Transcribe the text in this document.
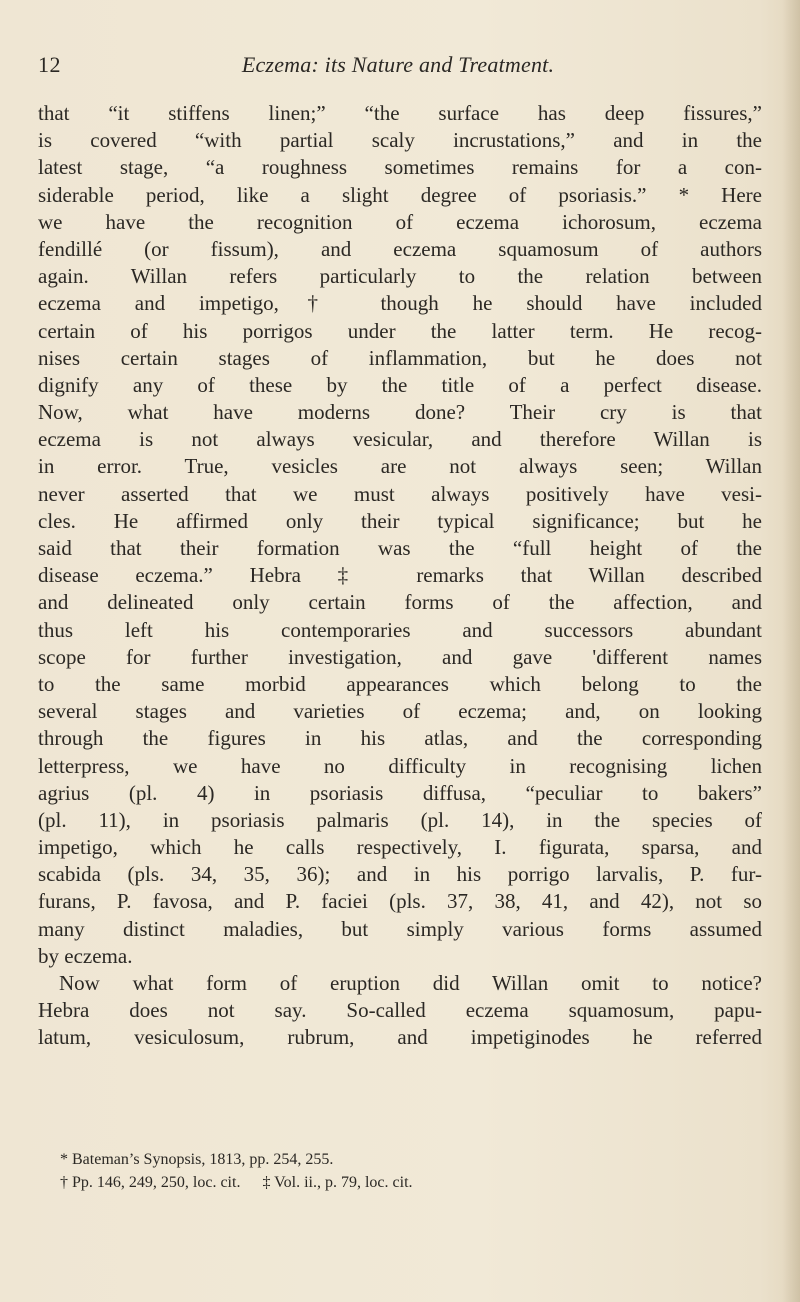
12	Eczema: its Nature and Treatment.
that “it stiffens linen;” “the surface has deep fissures,”
is covered “with partial scaly incrustations,” and in the
latest stage, “a roughness sometimes remains for a con-
siderable period, like a slight degree of psoriasis.” * Here
we have the recognition of eczema ichorosum, eczema
fendillé (or fissum), and eczema squamosum of authors
again. Willan refers particularly to the relation between
eczema and impetigo,† though he should have included
certain of his porrigos under the latter term. He recog-
nises certain stages of inflammation, but he does not
dignify any of these by the title of a perfect disease.
Now, what have moderns done? Their cry is that
eczema is not always vesicular, and therefore Willan is
in error. True, vesicles are not always seen; Willan
never asserted that we must always positively have vesi-
cles. He affirmed only their typical significance; but he
said that their formation was the “full height of the
disease eczema.” Hebra ‡ remarks that Willan described
and delineated only certain forms of the affection, and
thus left his contemporaries and successors abundant
scope for further investigation, and gave 'different names
to the same morbid appearances which belong to the
several stages and varieties of eczema; and, on looking
through the figures in his atlas, and the corresponding
letterpress, we have no difficulty in recognising lichen
agrius (pl. 4) in psoriasis diffusa, “peculiar to bakers”
(pl. 11), in psoriasis palmaris (pl. 14), in the species of
impetigo, which he calls respectively, I. figurata, sparsa, and
scabida (pls. 34, 35, 36); and in his porrigo larvalis, P. fur-
furans, P. favosa, and P. faciei (pls. 37, 38, 41, and 42), not so
many distinct maladies, but simply various forms assumed
by eczema.
Now what form of eruption did Willan omit to notice?
Hebra does not say. So-called eczema squamosum, papu-
latum, vesiculosum, rubrum, and impetiginodes he referred
* Bateman’s Synopsis, 1813, pp. 254, 255.
† Pp. 146, 249, 250, loc. cit. ‡ Vol. ii., p. 79, loc. cit.
